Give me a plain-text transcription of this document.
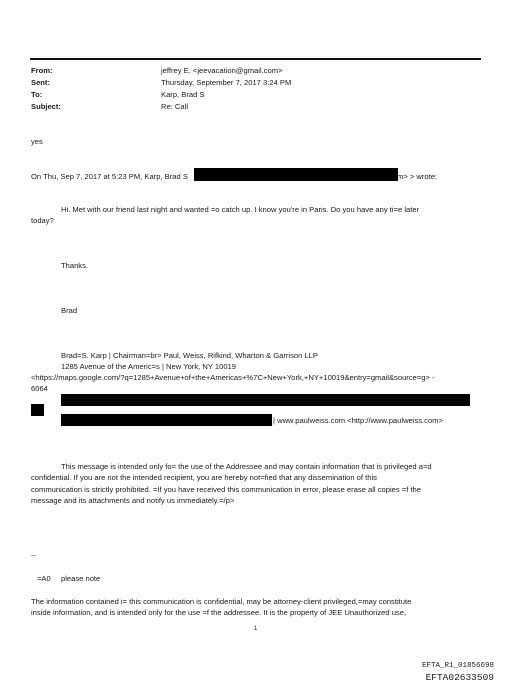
From:	jeffrey E. <jeevacation@gmail.com>
Sent:	Thursday, September 7, 2017 3:24 PM
To:	Karp, Brad S
Subject:	Re: Call
yes
On Thu, Sep 7, 2017 at 5:23 PM, Karp, Brad S	m> > wrote:
Hi. Met with our friend last night and wanted =o catch up. I know you're in Paris. Do you have any ti=e later
today?
Thanks.
Brad
Brad=S. Karp | Chairman=br> Paul, Weiss, Rifkind, Wharton & Garrison LLP
1285 Avenue of the Americ=s | New York, NY 10019
<https://maps.google.com/?q=1285+Avenue+of+the+Americas+%7C+New+York,+NY+10019&entry=gmail&source=g> -
6064
| www.paulweiss.com <http://www.paulweiss.com>
This message is intended only fo= the use of the Addressee and may contain information that is privileged a=d
confidential. If you are not the intended recipient, you are hereby not=fied that any dissemination of this
communication is strictly prohibited. =If you have received this communication in error, please erase all copies =f the
message and its attachments and notify us immediately.=/p>
--
=A0 please note
The information contained i= this communication is confidential, may be attorney-client privileged,=may constitute
inside information, and is intended only for the use =f the addressee. It is the property of JEE Unauthorized use,
1
EFTA_R1_01856698
EFTA02633509
